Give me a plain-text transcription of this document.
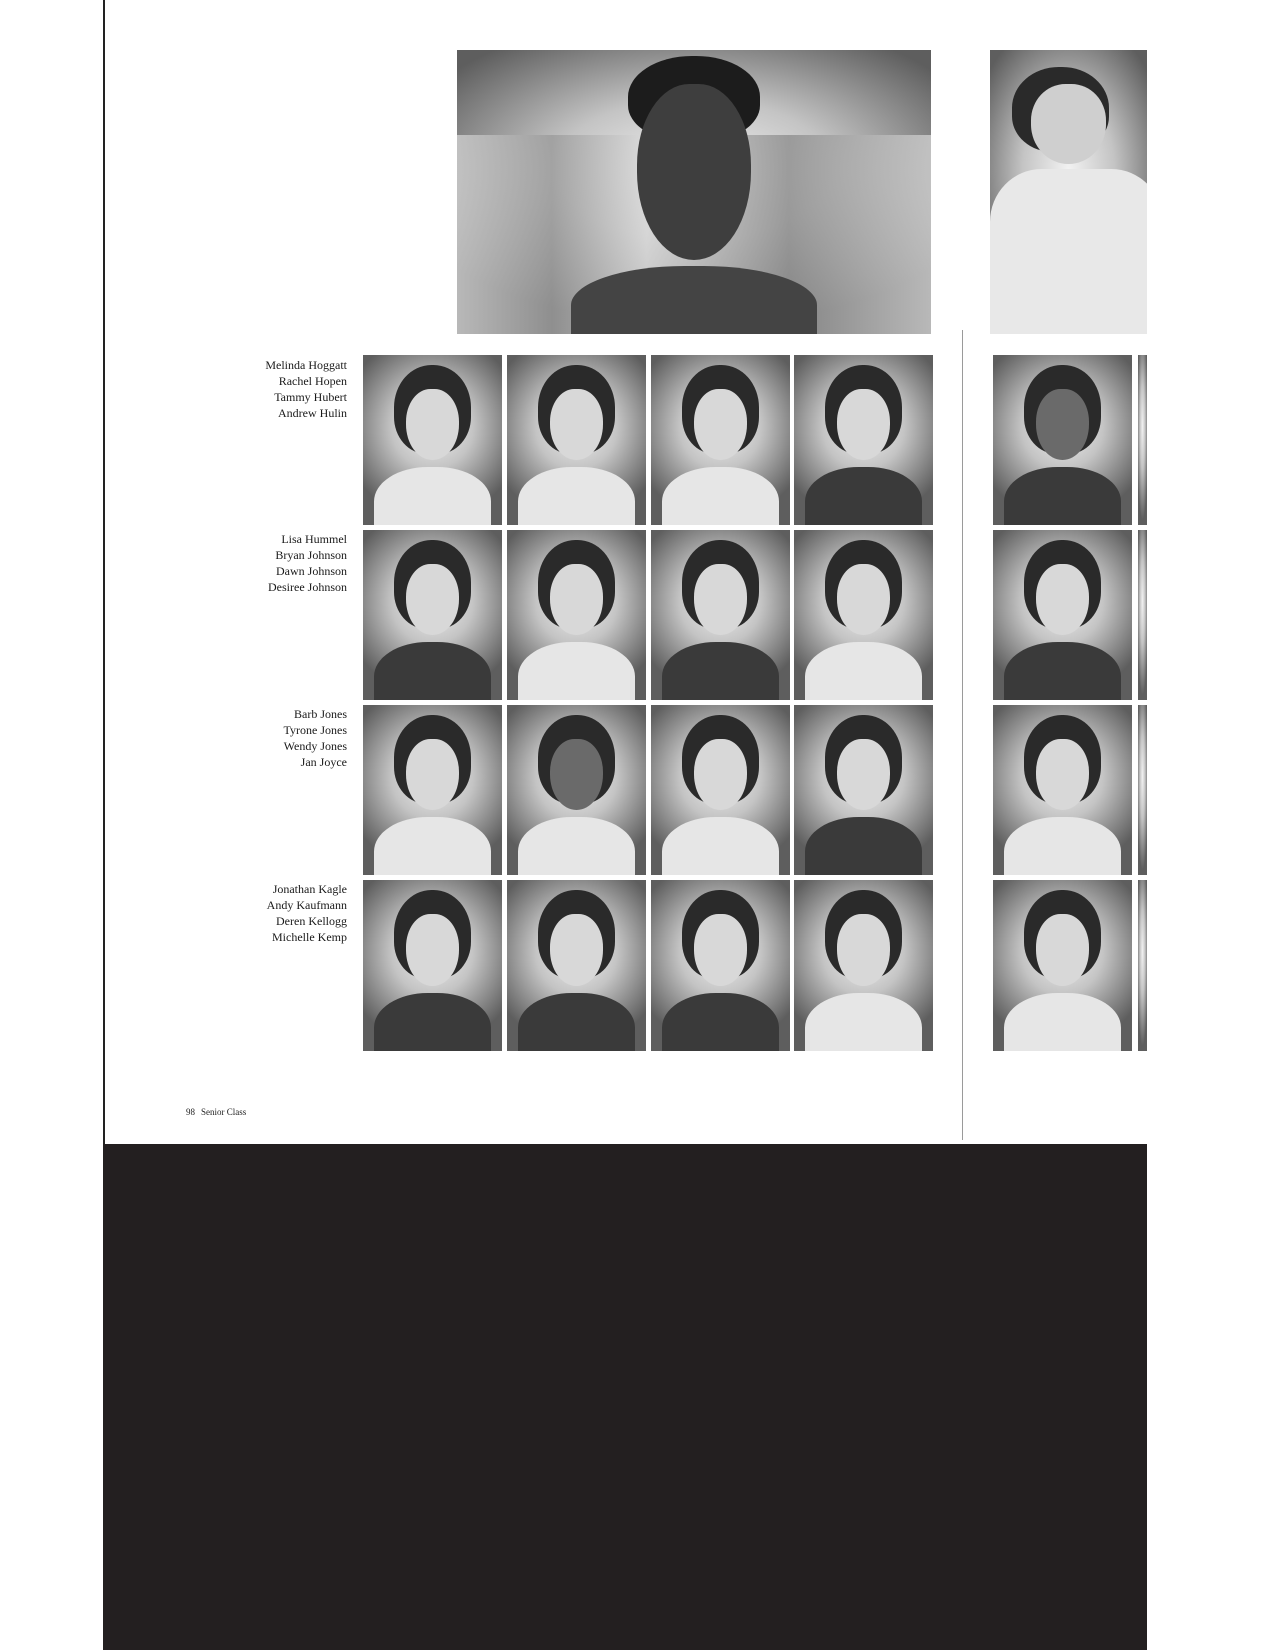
Melinda Hoggatt
Rachel Hopen
Tammy Hubert
Andrew Hulin
Lisa Hummel
Bryan Johnson
Dawn Johnson
Desiree Johnson
Barb Jones
Tyrone Jones
Wendy Jones
Jan Joyce
Jonathan Kagle
Andy Kaufmann
Deren Kellogg
Michelle Kemp
98 Senior Class
